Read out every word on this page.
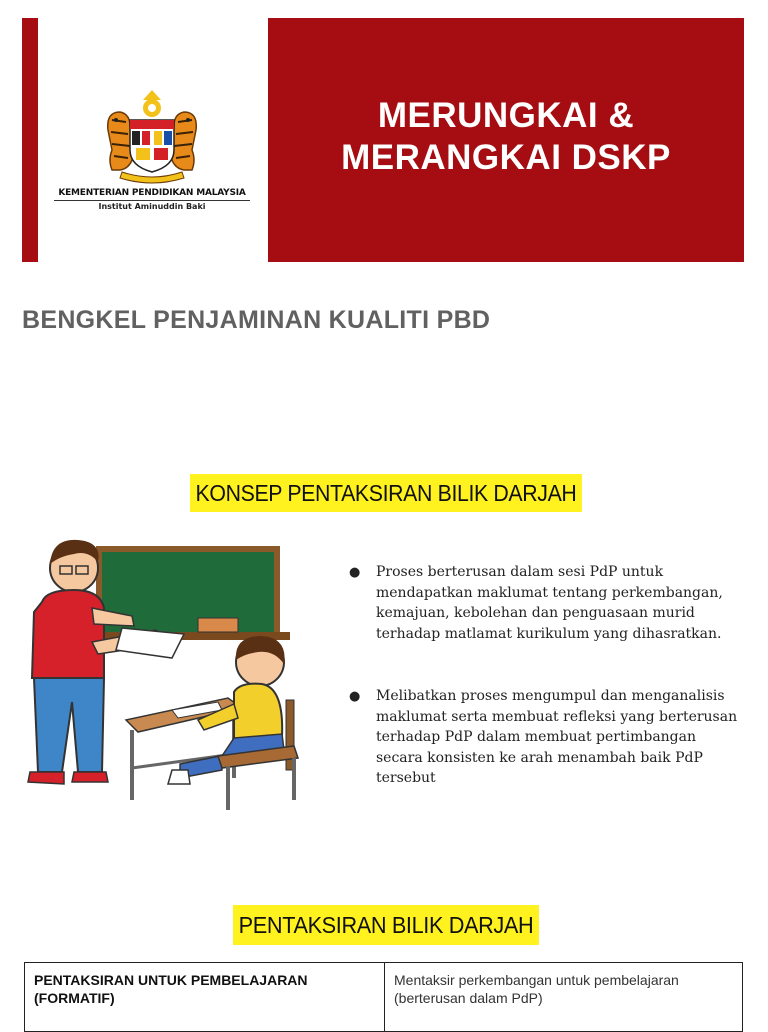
KEMENTERIAN PENDIDIKAN MALAYSIA
Institut Aminuddin Baki
MERUNGKAI &
MERANGKAI DSKP
BENGKEL PENJAMINAN KUALITI PBD
KONSEP PENTAKSIRAN BILIK DARJAH
● Proses berterusan dalam sesi PdP untuk mendapatkan maklumat tentang perkembangan, kemajuan, kebolehan dan penguasaan murid terhadap matlamat kurikulum yang dihasratkan.
● Melibatkan proses mengumpul dan menganalisis maklumat serta membuat refleksi yang berterusan terhadap PdP dalam membuat pertimbangan secara konsisten ke arah menambah baik PdP tersebut
PENTAKSIRAN BILIK DARJAH
PENTAKSIRAN UNTUK PEMBELAJARAN (FORMATIF)
Mentaksir perkembangan untuk pembelajaran (berterusan dalam PdP)
